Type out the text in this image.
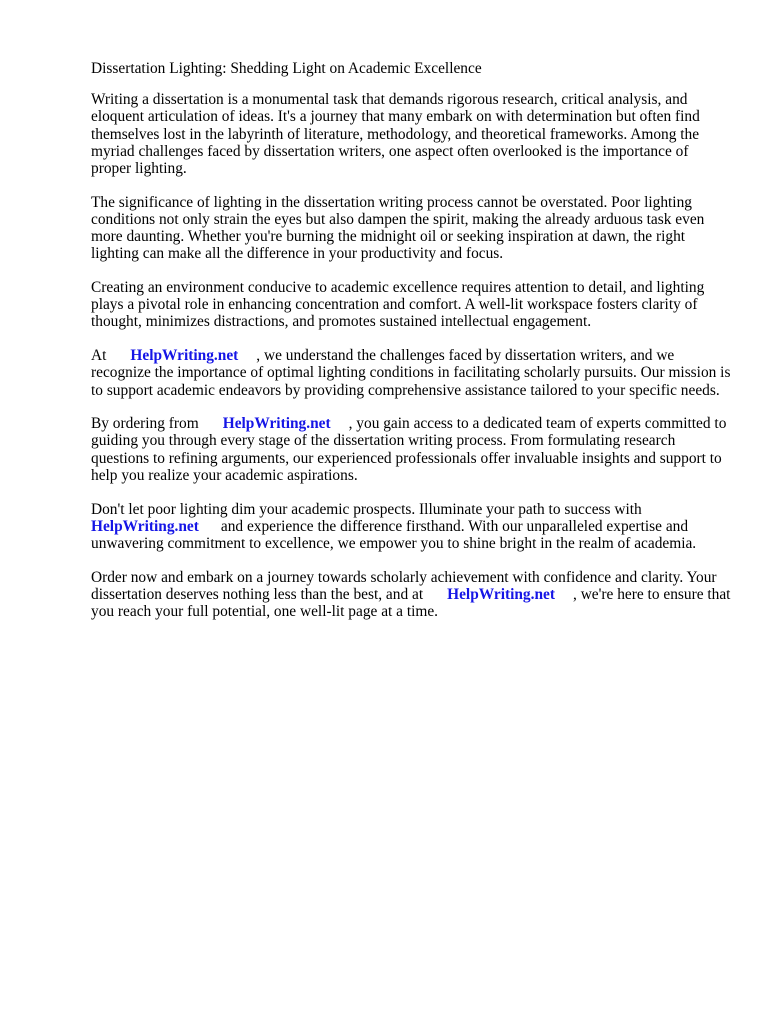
Dissertation Lighting: Shedding Light on Academic Excellence

Writing a dissertation is a monumental task that demands rigorous research, critical analysis, and eloquent articulation of ideas. It's a journey that many embark on with determination but often find themselves lost in the labyrinth of literature, methodology, and theoretical frameworks. Among the myriad challenges faced by dissertation writers, one aspect often overlooked is the importance of proper lighting.

The significance of lighting in the dissertation writing process cannot be overstated. Poor lighting conditions not only strain the eyes but also dampen the spirit, making the already arduous task even more daunting. Whether you're burning the midnight oil or seeking inspiration at dawn, the right lighting can make all the difference in your productivity and focus.

Creating an environment conducive to academic excellence requires attention to detail, and lighting plays a pivotal role in enhancing concentration and comfort. A well-lit workspace fosters clarity of thought, minimizes distractions, and promotes sustained intellectual engagement.

At HelpWriting.net , we understand the challenges faced by dissertation writers, and we recognize the importance of optimal lighting conditions in facilitating scholarly pursuits. Our mission is to support academic endeavors by providing comprehensive assistance tailored to your specific needs.

By ordering from HelpWriting.net , you gain access to a dedicated team of experts committed to guiding you through every stage of the dissertation writing process. From formulating research questions to refining arguments, our experienced professionals offer invaluable insights and support to help you realize your academic aspirations.

Don't let poor lighting dim your academic prospects. Illuminate your path to success with HelpWriting.net and experience the difference firsthand. With our unparalleled expertise and unwavering commitment to excellence, we empower you to shine bright in the realm of academia.

Order now and embark on a journey towards scholarly achievement with confidence and clarity. Your dissertation deserves nothing less than the best, and at HelpWriting.net , we're here to ensure that you reach your full potential, one well-lit page at a time.
